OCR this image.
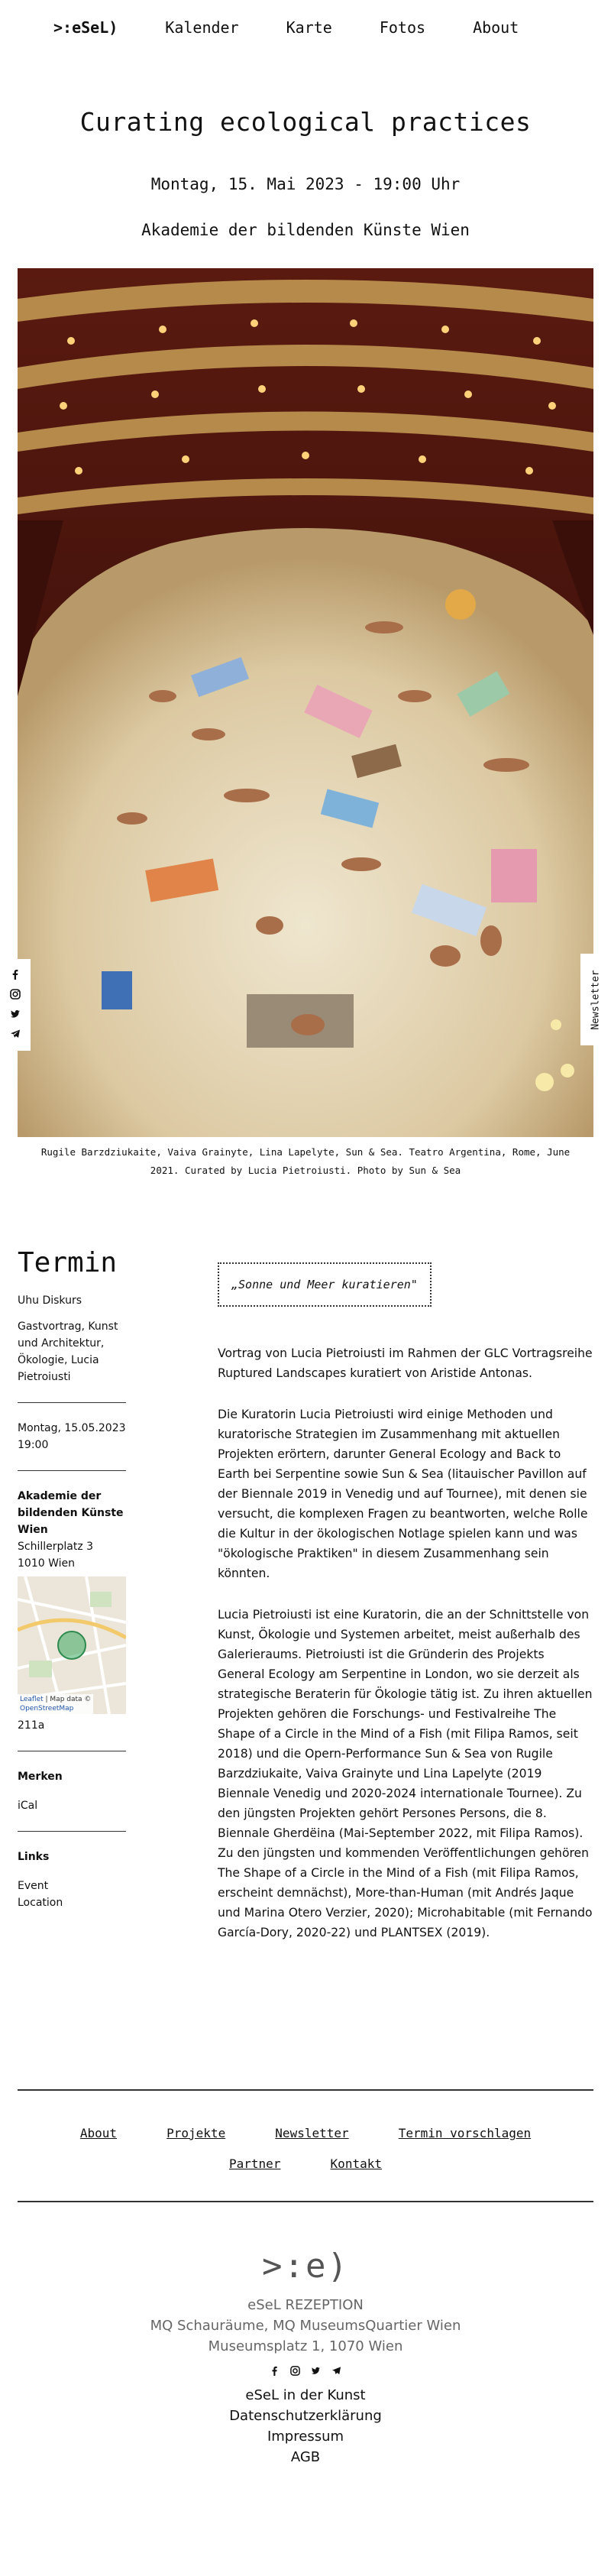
>:eSeL)	Kalender	Karte	Fotos	About
Curating ecological practices
Montag, 15. Mai 2023 - 19:00 Uhr
Akademie der bildenden Künste Wien
Newsletter
Rugile Barzdziukaite, Vaiva Grainyte, Lina Lapelyte, Sun & Sea. Teatro Argentina, Rome, June 2021. Curated by Lucia Pietroiusti. Photo by Sun & Sea
Termin

Uhu Diskurs

Gastvortrag, Kunst und Architektur, Ökologie, Lucia Pietroiusti

Montag, 15.05.2023 19:00

Akademie der bildenden Künste Wien

Schillerplatz 3

1010 Wien

Leaflet | Map data ©
OpenStreetMap

211a

Merken

iCal

Links

Event
Location
„Sonne und Meer kuratieren"

Vortrag von Lucia Pietroiusti im Rahmen der GLC Vortragsreihe Ruptured Landscapes kuratiert von Aristide Antonas.

Die Kuratorin Lucia Pietroiusti wird einige Methoden und kuratorische Strategien im Zusammenhang mit aktuellen Projekten erörtern, darunter General Ecology and Back to Earth bei Serpentine sowie Sun & Sea (litauischer Pavillon auf der Biennale 2019 in Venedig und auf Tournee), mit denen sie versucht, die komplexen Fragen zu beantworten, welche Rolle die Kultur in der ökologischen Notlage spielen kann und was "ökologische Praktiken" in diesem Zusammenhang sein könnten.

Lucia Pietroiusti ist eine Kuratorin, die an der Schnittstelle von Kunst, Ökologie und Systemen arbeitet, meist außerhalb des Galerieraums. Pietroiusti ist die Gründerin des Projekts General Ecology am Serpentine in London, wo sie derzeit als strategische Beraterin für Ökologie tätig ist. Zu ihren aktuellen Projekten gehören die Forschungs- und Festivalreihe The Shape of a Circle in the Mind of a Fish (mit Filipa Ramos, seit 2018) und die Opern-Performance Sun & Sea von Rugile Barzdziukaite, Vaiva Grainyte und Lina Lapelyte (2019 Biennale Venedig und 2020-2024 internationale Tournee). Zu den jüngsten Projekten gehört Persones Persons, die 8. Biennale Gherdëina (Mai-September 2022, mit Filipa Ramos). Zu den jüngsten und kommenden Veröffentlichungen gehören The Shape of a Circle in the Mind of a Fish (mit Filipa Ramos, erscheint demnächst), More-than-Human (mit Andrés Jaque und Marina Otero Verzier, 2020); Microhabitable (mit Fernando García-Dory, 2020-22) und PLANTSEX (2019).

About	Projekte	Newsletter	Termin vorschlagen
Partner	Kontakt
>:e)
eSeL REZEPTION
MQ Schauräume, MQ MuseumsQuartier Wien
Museumsplatz 1, 1070 Wien
eSeL in der Kunst
Datenschutzerklärung
Impressum
AGB
